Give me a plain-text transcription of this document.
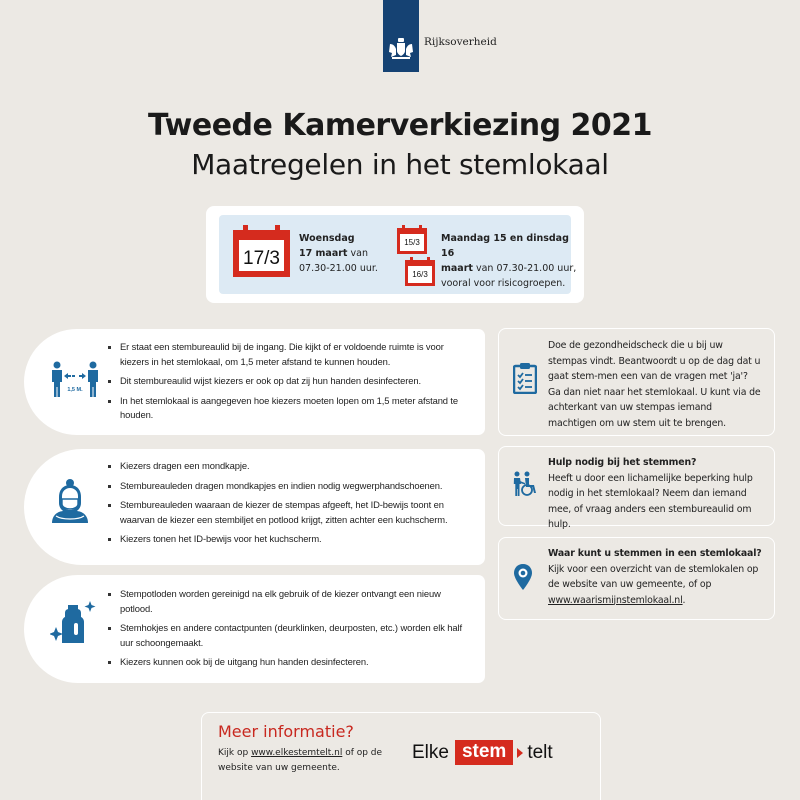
Rijksoverheid
Tweede Kamerverkiezing 2021
Maatregelen in het stemlokaal
17/3
Woensdag
17 maart van
07.30-21.00 uur.
15/3
16/3
Maandag 15 en dinsdag 16
maart van 07.30-21.00 uur,
vooral voor risicogroepen.
1,5 M.
Er staat een stembureaulid bij de ingang. Die kijkt of er voldoende ruimte is voor kiezers in het stemlokaal, om 1,5 meter afstand te kunnen houden.
Dit stembureaulid wijst kiezers er ook op dat zij hun handen desinfecteren.
In het stemlokaal is aangegeven hoe kiezers moeten lopen om 1,5 meter afstand te houden.
Kiezers dragen een mondkapje.
Stembureauleden dragen mondkapjes en indien nodig wegwerphandschoenen.
Stembureauleden waaraan de kiezer de stempas afgeeft, het ID-bewijs toont en waarvan de kiezer een stembiljet en potlood krijgt, zitten achter een kuchscherm.
Kiezers tonen het ID-bewijs voor het kuchscherm.
Stempotloden worden gereinigd na elk gebruik of de kiezer ontvangt een nieuw potlood.
Stemhokjes en andere contactpunten (deurklinken, deurposten, etc.) worden elk half uur schoongemaakt.
Kiezers kunnen ook bij de uitgang hun handen desinfecteren.
Doe de gezondheidscheck die u bij uw stempas vindt. Beantwoordt u op de dag dat u gaat stem-men een van de vragen met 'ja'? Ga dan niet naar het stemlokaal. U kunt via de achterkant van uw stempas iemand machtigen om uw stem uit te brengen.
Hulp nodig bij het stemmen?
Heeft u door een lichamelijke beperking hulp nodig in het stemlokaal? Neem dan iemand mee, of vraag anders een stembureaulid om hulp.
Waar kunt u stemmen in een stemlokaal?
Kijk voor een overzicht van de stemlokalen op de website van uw gemeente, of op www.waarismijnstemlokaal.nl.
Meer informatie?
Kijk op www.elkestemtelt.nl of op de website van uw gemeente.
Elke stem	telt
